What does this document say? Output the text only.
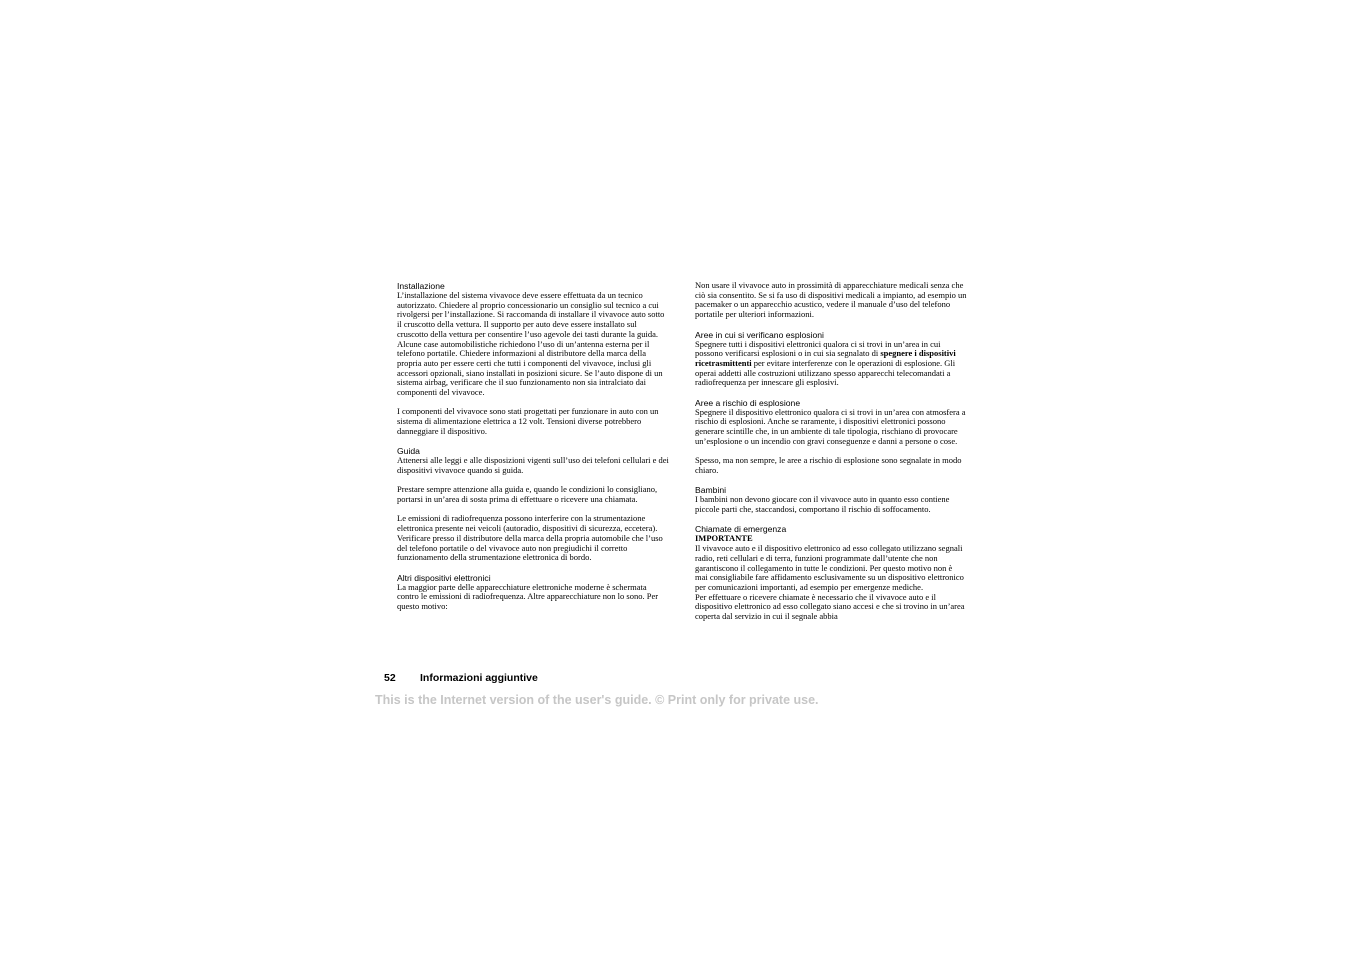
Installazione

L’installazione del sistema vivavoce deve essere effettuata da un tecnico autorizzato. Chiedere al proprio concessionario un consiglio sul tecnico a cui rivolgersi per l’installazione. Si raccomanda di installare il vivavoce auto sotto il cruscotto della vettura. Il supporto per auto deve essere installato sul cruscotto della vettura per consentire l’uso agevole dei tasti durante la guida. Alcune case automobilistiche richiedono l’uso di un’antenna esterna per il telefono portatile. Chiedere informazioni al distributore della marca della propria auto per essere certi che tutti i componenti del vivavoce, inclusi gli accessori opzionali, siano installati in posizioni sicure. Se l’auto dispone di un sistema airbag, verificare che il suo funzionamento non sia intralciato dai componenti del vivavoce.

I componenti del vivavoce sono stati progettati per funzionare in auto con un sistema di alimentazione elettrica a 12 volt. Tensioni diverse potrebbero danneggiare il dispositivo.

Guida

Attenersi alle leggi e alle disposizioni vigenti sull’uso dei telefoni cellulari e dei dispositivi vivavoce quando si guida.

Prestare sempre attenzione alla guida e, quando le condizioni lo consigliano, portarsi in un’area di sosta prima di effettuare o ricevere una chiamata.

Le emissioni di radiofrequenza possono interferire con la strumentazione elettronica presente nei veicoli (autoradio, dispositivi di sicurezza, eccetera). Verificare presso il distributore della marca della propria automobile che l’uso del telefono portatile o del vivavoce auto non pregiudichi il corretto funzionamento della strumentazione elettronica di bordo.

Altri dispositivi elettronici

La maggior parte delle apparecchiature elettroniche moderne è schermata contro le emissioni di radiofrequenza. Altre apparecchiature non lo sono. Per questo motivo:

Non usare il vivavoce auto in prossimità di apparecchiature medicali senza che ciò sia consentito. Se si fa uso di dispositivi medicali a impianto, ad esempio un pacemaker o un apparecchio acustico, vedere il manuale d’uso del telefono portatile per ulteriori informazioni.

Aree in cui si verificano esplosioni

Spegnere tutti i dispositivi elettronici qualora ci si trovi in un’area in cui possono verificarsi esplosioni o in cui sia segnalato di spegnere i dispositivi ricetrasmittenti per evitare interferenze con le operazioni di esplosione. Gli operai addetti alle costruzioni utilizzano spesso apparecchi telecomandati a radiofrequenza per innescare gli esplosivi.

Aree a rischio di esplosione

Spegnere il dispositivo elettronico qualora ci si trovi in un’area con atmosfera a rischio di esplosioni. Anche se raramente, i dispositivi elettronici possono generare scintille che, in un ambiente di tale tipologia, rischiano di provocare un’esplosione o un incendio con gravi conseguenze e danni a persone o cose.

Spesso, ma non sempre, le aree a rischio di esplosione sono segnalate in modo chiaro.

Bambini

I bambini non devono giocare con il vivavoce auto in quanto esso contiene piccole parti che, staccandosi, comportano il rischio di soffocamento.

Chiamate di emergenza

IMPORTANTE

Il vivavoce auto e il dispositivo elettronico ad esso collegato utilizzano segnali radio, reti cellulari e di terra, funzioni programmate dall’utente che non garantiscono il collegamento in tutte le condizioni. Per questo motivo non è mai consigliabile fare affidamento esclusivamente su un dispositivo elettronico per comunicazioni importanti, ad esempio per emergenze mediche.

Per effettuare o ricevere chiamate è necessario che il vivavoce auto e il dispositivo elettronico ad esso collegato siano accesi e che si trovino in un’area coperta dal servizio in cui il segnale abbia

52 Informazioni aggiuntive
This is the Internet version of the user's guide. © Print only for private use.
